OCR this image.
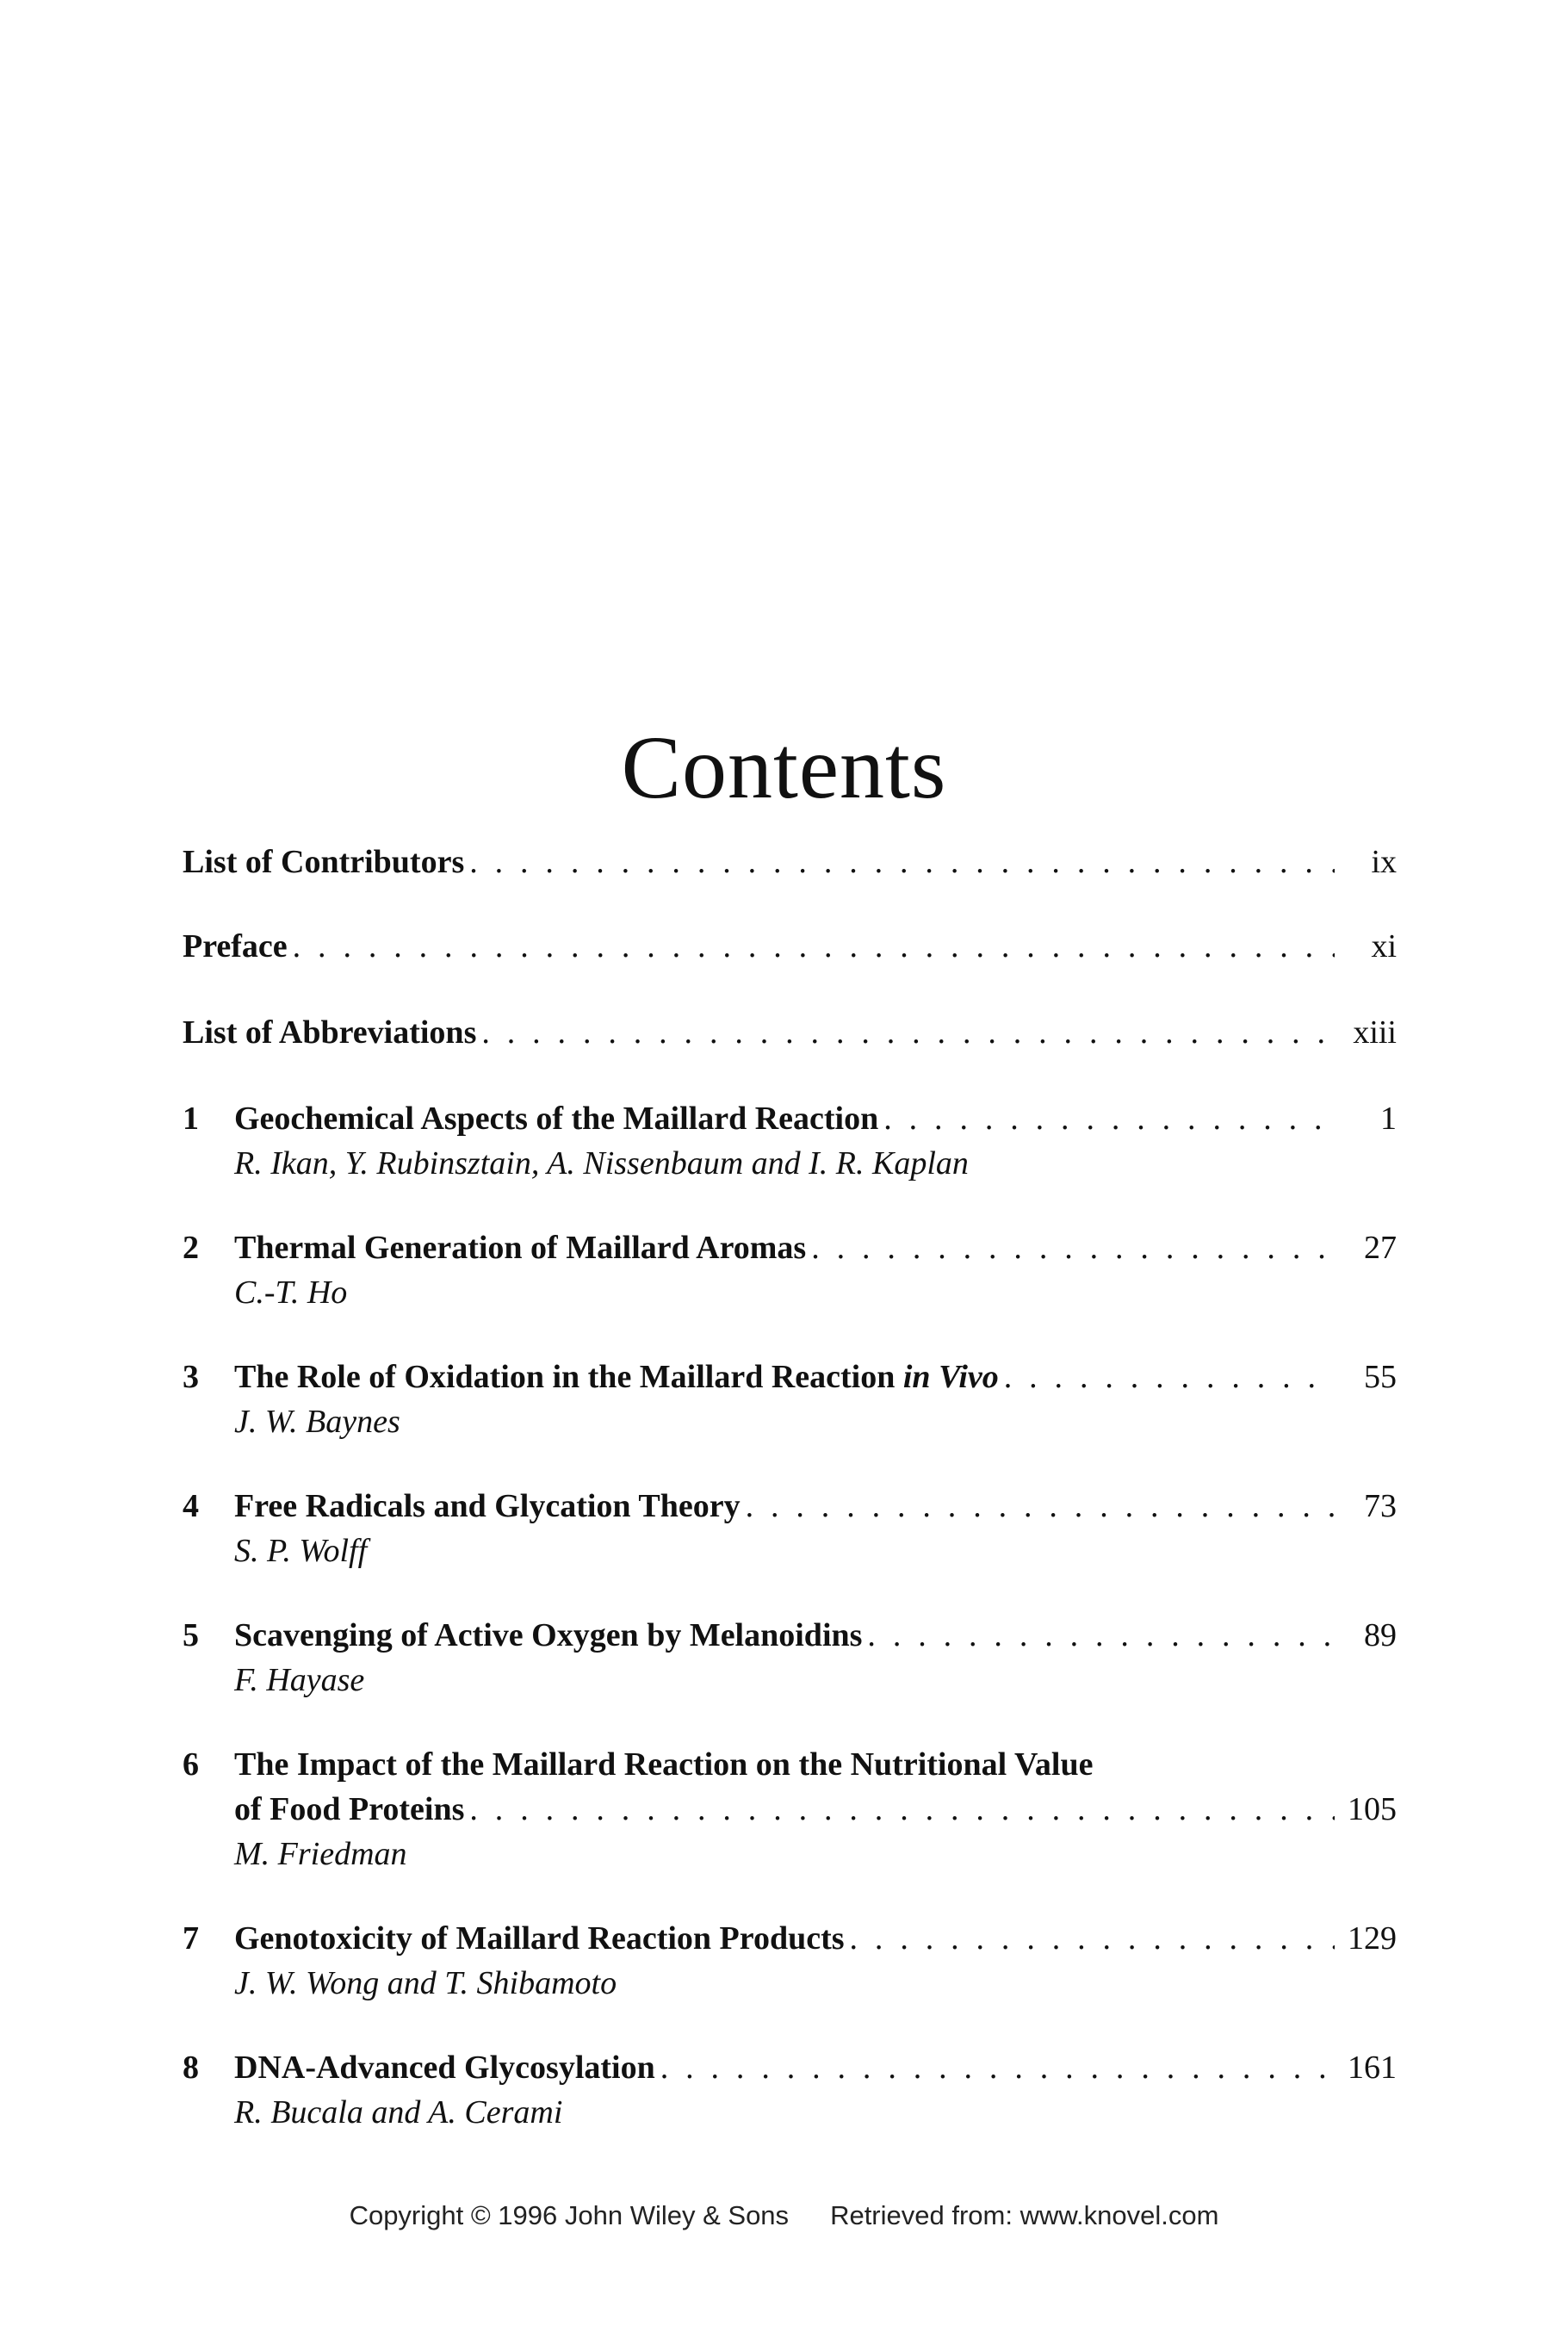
Contents
List of Contributors . . .	ix
Preface . . .	xi
List of Abbreviations . . .	xiii
1 Geochemical Aspects of the Maillard Reaction . . .	1
R. Ikan, Y. Rubinsztain, A. Nissenbaum and I. R. Kaplan
2 Thermal Generation of Maillard Aromas . . .	27
C.-T. Ho
3 The Role of Oxidation in the Maillard Reaction in Vivo . . .	55
J. W. Baynes
4 Free Radicals and Glycation Theory . . .	73
S. P. Wolff
5 Scavenging of Active Oxygen by Melanoidins . . .	89
F. Hayase
6 The Impact of the Maillard Reaction on the Nutritional Value
of Food Proteins . . .	105
M. Friedman
7 Genotoxicity of Maillard Reaction Products . . .	129
J. W. Wong and T. Shibamoto
8 DNA-Advanced Glycosylation . . .	161
R. Bucala and A. Cerami
Copyright © 1996 John Wiley & Sons Retrieved from: www.knovel.com
